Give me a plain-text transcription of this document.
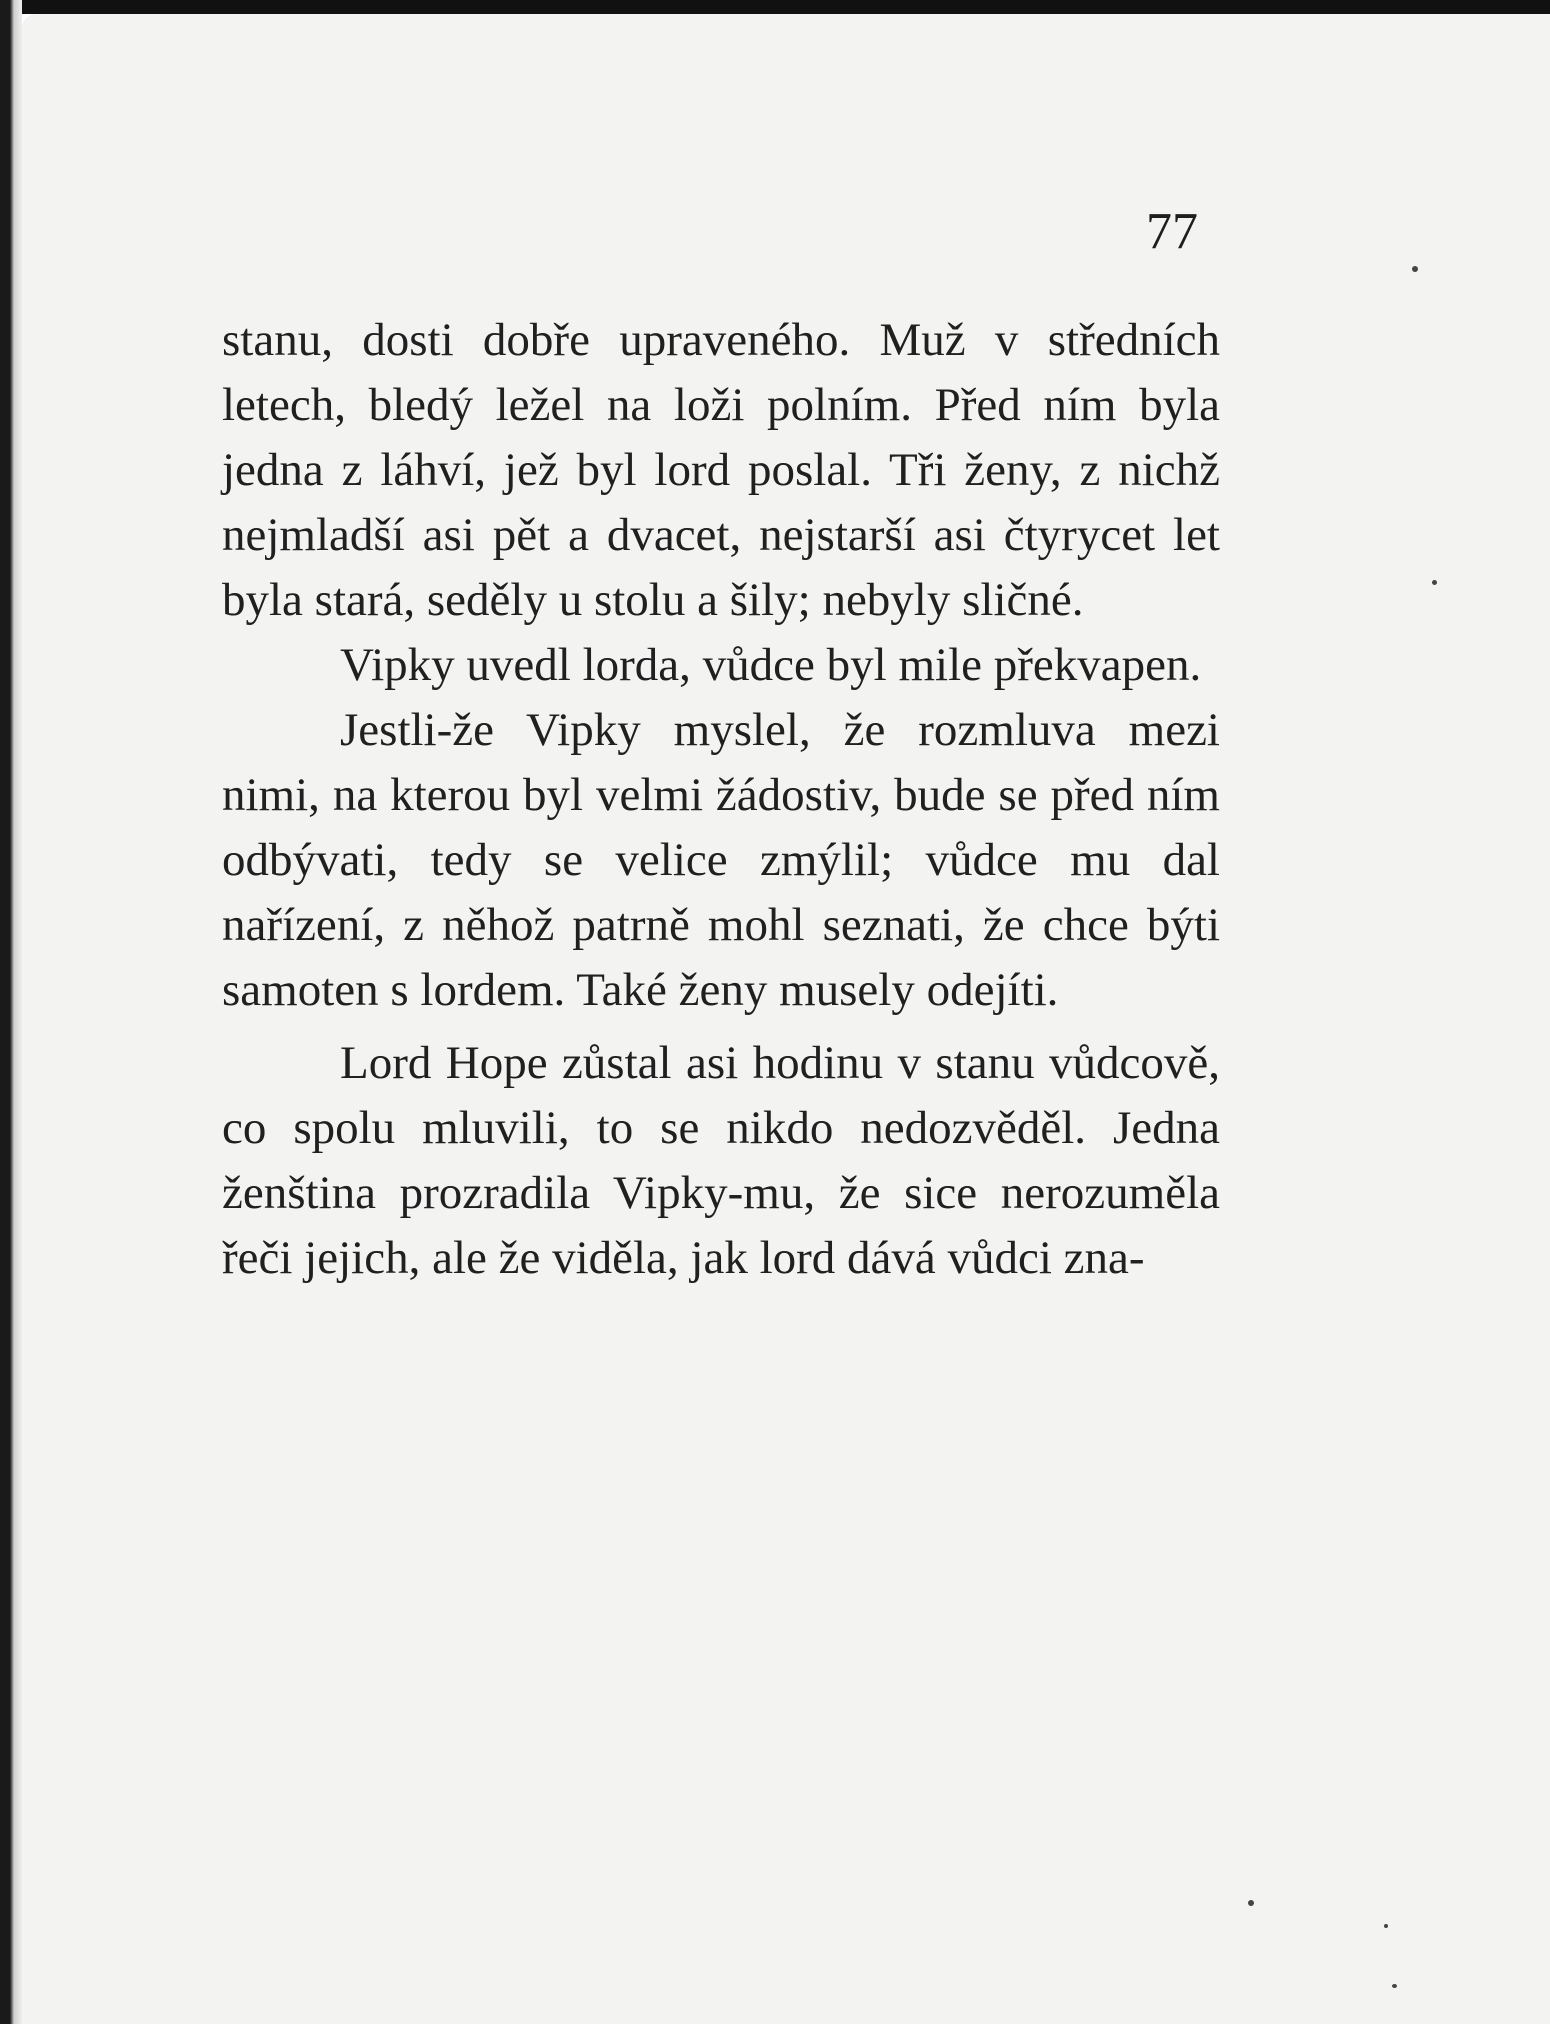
77

stanu, dosti dobře upraveného. Muž v středních letech, bledý ležel na loži polním. Před ním byla jedna z láhví, jež byl lord poslal. Tři ženy, z nichž nejmladší asi pět a dvacet, nejstarší asi čtyrycet let byla stará, seděly u stolu a šily; nebyly sličné.

Vipky uvedl lorda, vůdce byl mile překvapen.

Jestli-že Vipky myslel, že rozmluva mezi nimi, na kterou byl velmi žádostiv, bude se před ním odbývati, tedy se velice zmýlil; vůdce mu dal nařízení, z něhož patrně mohl seznati, že chce býti samoten s lordem. Také ženy musely odejíti.

Lord Hope zůstal asi hodinu v stanu vůdcově, co spolu mluvili, to se nikdo nedozvěděl. Jedna ženština prozradila Vipky-mu, že sice nerozuměla řeči jejich, ale že viděla, jak lord dává vůdci zna-
